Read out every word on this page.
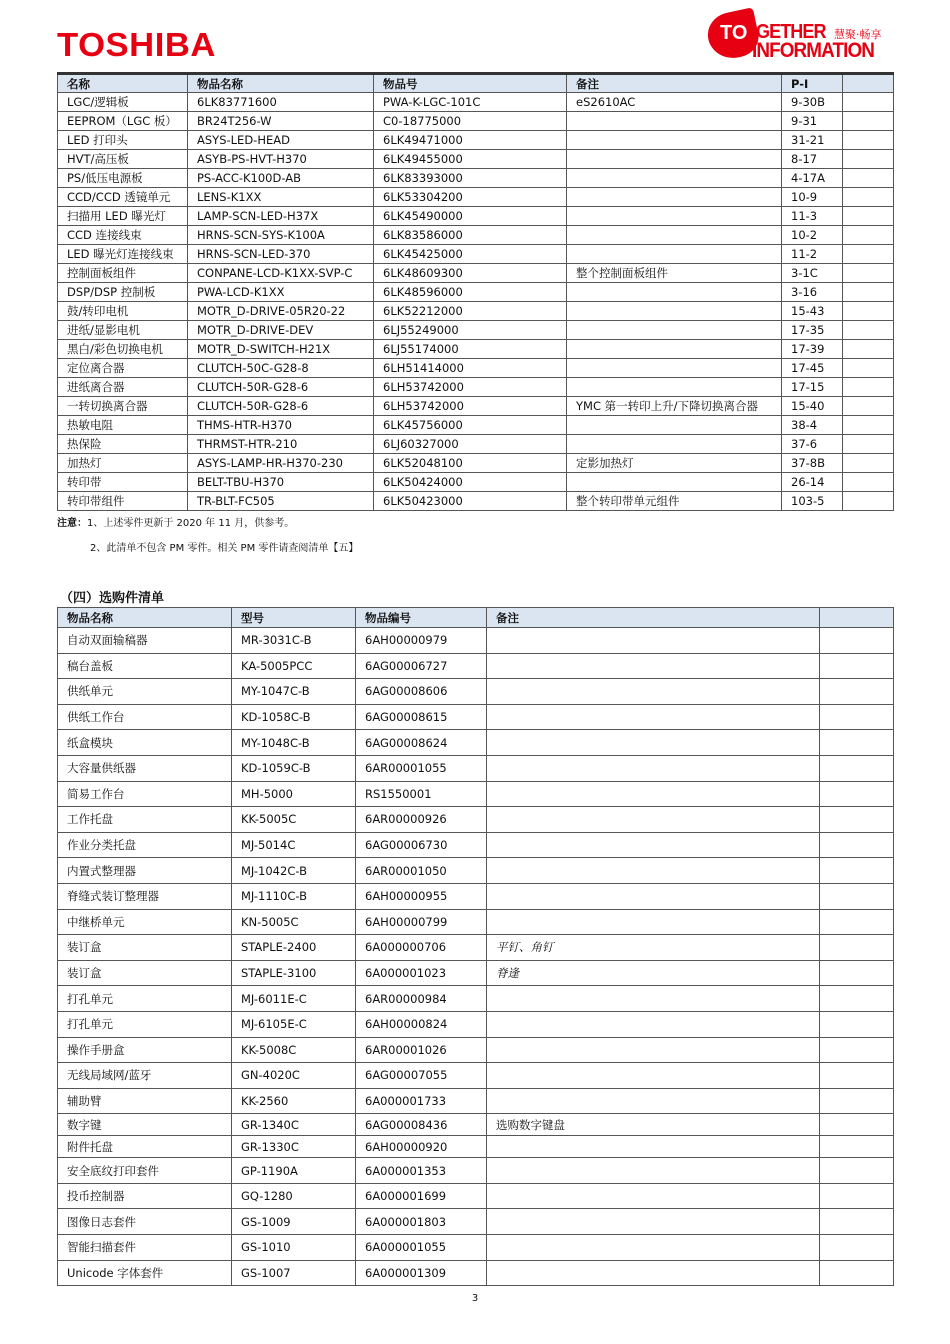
TOSHIBA	TO GETHER 慧聚·畅享
INFORMATION
名称	物品名称	物品号	备注	P-I	
LGC/逻辑板	6LK83771600	PWA-K-LGC-101C	eS2610AC	9-30B	
EEPROM（LGC 板）	BR24T256-W	C0-18775000		9-31	
LED 打印头	ASYS-LED-HEAD	6LK49471000		31-21	
HVT/高压板	ASYB-PS-HVT-H370	6LK49455000		8-17	
PS/低压电源板	PS-ACC-K100D-AB	6LK83393000		4-17A	
CCD/CCD 透镜单元	LENS-K1XX	6LK53304200		10-9	
扫描用 LED 曝光灯	LAMP-SCN-LED-H37X	6LK45490000		11-3	
CCD 连接线束	HRNS-SCN-SYS-K100A	6LK83586000		10-2	
LED 曝光灯连接线束	HRNS-SCN-LED-370	6LK45425000		11-2	
控制面板组件	CONPANE-LCD-K1XX-SVP-C	6LK48609300	整个控制面板组件	3-1C	
DSP/DSP 控制板	PWA-LCD-K1XX	6LK48596000		3-16	
鼓/转印电机	MOTR_D-DRIVE-05R20-22	6LK52212000		15-43	
进纸/显影电机	MOTR_D-DRIVE-DEV	6LJ55249000		17-35	
黑白/彩色切换电机	MOTR_D-SWITCH-H21X	6LJ55174000		17-39	
定位离合器	CLUTCH-50C-G28-8	6LH51414000		17-45	
进纸离合器	CLUTCH-50R-G28-6	6LH53742000		17-15	
一转切换离合器	CLUTCH-50R-G28-6	6LH53742000	YMC 第一转印上升/下降切换离合器	15-40	
热敏电阻	THMS-HTR-H370	6LK45756000		38-4	
热保险	THRMST-HTR-210	6LJ60327000		37-6	
加热灯	ASYS-LAMP-HR-H370-230	6LK52048100	定影加热灯	37-8B	
转印带	BELT-TBU-H370	6LK50424000		26-14	
转印带组件	TR-BLT-FC505	6LK50423000	整个转印带单元组件	103-5	
注意：1、上述零件更新于 2020 年 11 月，供参考。
2、此清单不包含 PM 零件。相关 PM 零件请查阅清单【五】
（四）选购件清单
物品名称	型号	物品编号	备注	
自动双面输稿器	MR-3031C-B	6AH00000979		
稿台盖板	KA-5005PCC	6AG00006727		
供纸单元	MY-1047C-B	6AG00008606		
供纸工作台	KD-1058C-B	6AG00008615		
纸盒模块	MY-1048C-B	6AG00008624		
大容量供纸器	KD-1059C-B	6AR00001055		
简易工作台	MH-5000	RS1550001		
工作托盘	KK-5005C	6AR00000926		
作业分类托盘	MJ-5014C	6AG00006730		
内置式整理器	MJ-1042C-B	6AR00001050		
脊缝式装订整理器	MJ-1110C-B	6AH00000955		
中继桥单元	KN-5005C	6AH00000799		
装订盒	STAPLE-2400	6A000000706	平钉、角钉	
装订盒	STAPLE-3100	6A000001023	脊逢	
打孔单元	MJ-6011E-C	6AR00000984		
打孔单元	MJ-6105E-C	6AH00000824		
操作手册盒	KK-5008C	6AR00001026		
无线局域网/蓝牙	GN-4020C	6AG00007055		
辅助臂	KK-2560	6A000001733		
数字键	GR-1340C	6AG00008436	选购数字键盘	
附件托盘	GR-1330C	6AH00000920		
安全底纹打印套件	GP-1190A	6A000001353		
投币控制器	GQ-1280	6A000001699		
图像日志套件	GS-1009	6A000001803		
智能扫描套件	GS-1010	6A000001055		
Unicode 字体套件	GS-1007	6A000001309		
3
